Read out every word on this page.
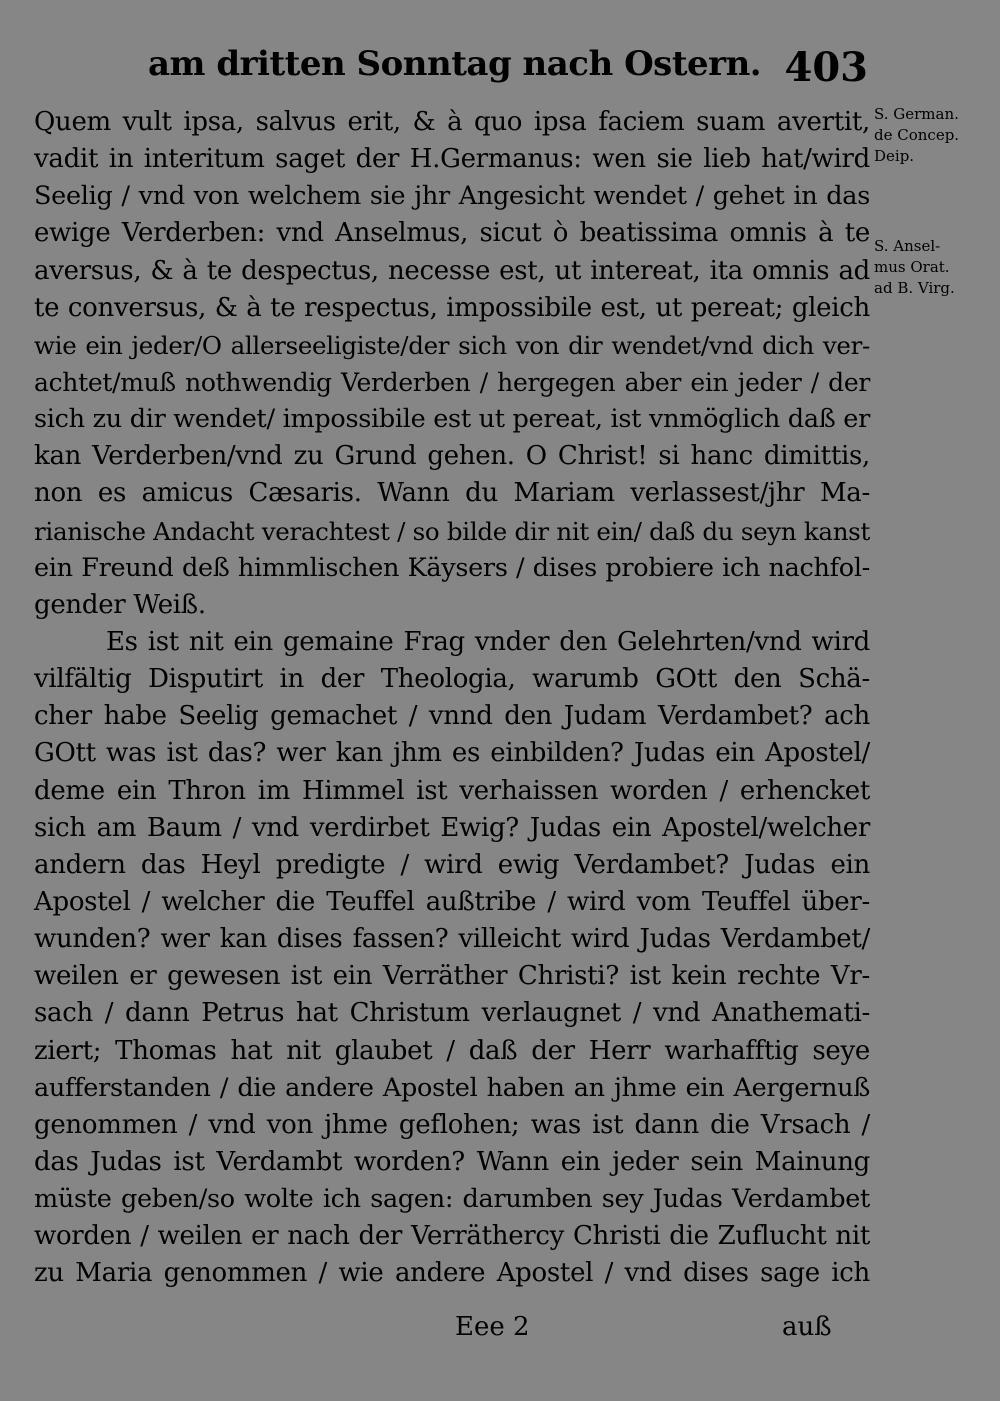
am dritten Sonntag nach Ostern. 403
Quem vult ipsa, salvus erit, & à quo ipsa faciem suam avertit,
vadit in interitum saget der H.Germanus: wen sie lieb hat/wird
Seelig / vnd von welchem sie jhr Angesicht wendet / gehet in das
ewige Verderben: vnd Anselmus, sicut ò beatissima omnis à te
aversus, & à te despectus, necesse est, ut intereat, ita omnis ad
te conversus, & à te respectus, impossibile est, ut pereat; gleich
wie ein jeder/O allerseeligiste/der sich von dir wendet/vnd dich ver-
achtet/muß nothwendig Verderben / hergegen aber ein jeder / der
sich zu dir wendet/ impossibile est ut pereat, ist vnmöglich daß er
kan Verderben/vnd zu Grund gehen. O Christ! si hanc dimittis,
non es amicus Cæsaris. Wann du Mariam verlassest/jhr Ma-
rianische Andacht verachtest / so bilde dir nit ein/ daß du seyn kanst
ein Freund deß himmlischen Käysers / dises probiere ich nachfol-
gender Weiß.
Es ist nit ein gemaine Frag vnder den Gelehrten/vnd wird
vilfältig Disputirt in der Theologia, warumb GOtt den Schä-
cher habe Seelig gemachet / vnnd den Judam Verdambet? ach
GOtt was ist das? wer kan jhm es einbilden? Judas ein Apostel/
deme ein Thron im Himmel ist verhaissen worden / erhencket
sich am Baum / vnd verdirbet Ewig? Judas ein Apostel/welcher
andern das Heyl predigte / wird ewig Verdambet? Judas ein
Apostel / welcher die Teuffel außtribe / wird vom Teuffel über-
wunden? wer kan dises fassen? villeicht wird Judas Verdambet/
weilen er gewesen ist ein Verräther Christi? ist kein rechte Vr-
sach / dann Petrus hat Christum verlaugnet / vnd Anathemati-
ziert; Thomas hat nit glaubet / daß der Herr warhafftig seye
aufferstanden / die andere Apostel haben an jhme ein Aergernuß
genommen / vnd von jhme geflohen; was ist dann die Vrsach /
das Judas ist Verdambt worden? Wann ein jeder sein Mainung
müste geben/so wolte ich sagen: darumben sey Judas Verdambet
worden / weilen er nach der Verräthercy Christi die Zuflucht nit
zu Maria genommen / wie andere Apostel / vnd dises sage ich
S. German.
de Concep.
Deip.
S. Ansel-
mus Orat.
ad B. Virg.
Eee 2	auß
